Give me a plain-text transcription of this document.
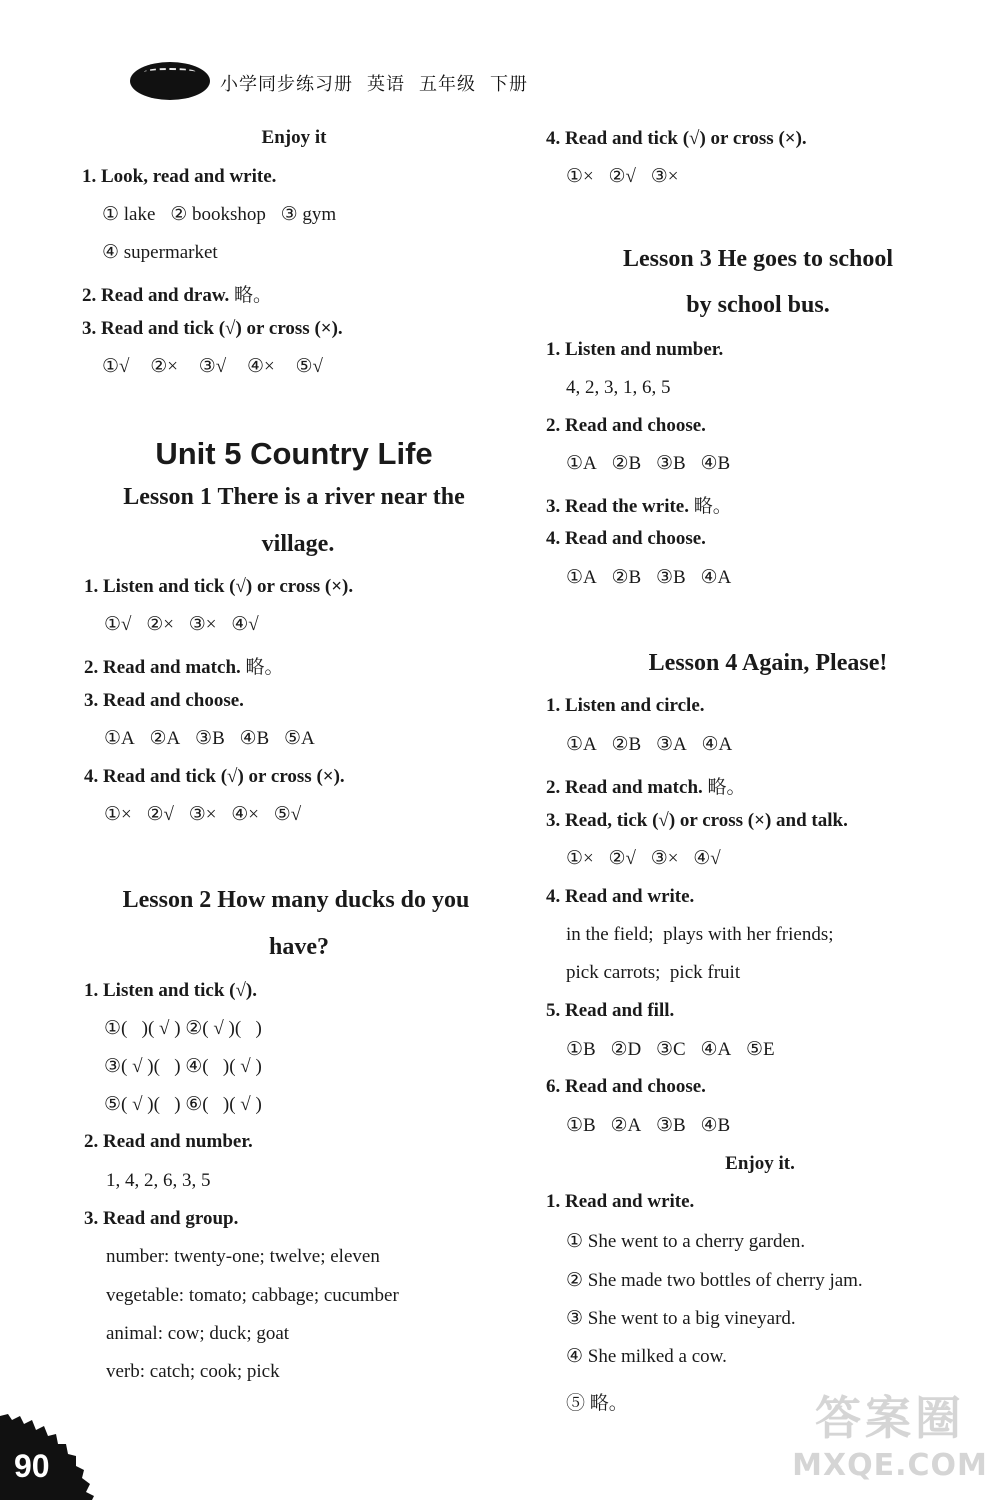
小学同步练习册 英语 五年级 下册
Enjoy it
1. Look, read and write.
① lake ② bookshop ③ gym
④ supermarket
2. Read and draw. 略。
3. Read and tick (√) or cross (×).
①√ ②× ③√ ④× ⑤√
Unit 5 Country Life
Lesson 1 There is a river near the
village.
1. Listen and tick (√) or cross (×).
①√ ②× ③× ④√
2. Read and match. 略。
3. Read and choose.
①A ②A ③B ④B ⑤A
4. Read and tick (√) or cross (×).
①× ②√ ③× ④× ⑤√
Lesson 2 How many ducks do you
have?
1. Listen and tick (√).
①(   )( √ ) ②( √ )(   )
③( √ )(   ) ④(   )( √ )
⑤( √ )(   ) ⑥(   )( √ )
2. Read and number.
1, 4, 2, 6, 3, 5
3. Read and group.
number: twenty-one; twelve; eleven
vegetable: tomato; cabbage; cucumber
animal: cow; duck; goat
verb: catch; cook; pick
4. Read and tick (√) or cross (×).
①× ②√ ③×
Lesson 3 He goes to school
by school bus.
1. Listen and number.
4, 2, 3, 1, 6, 5
2. Read and choose.
①A ②B ③B ④B
3. Read the write. 略。
4. Read and choose.
①A ②B ③B ④A
Lesson 4 Again, Please!
1. Listen and circle.
①A ②B ③A ④A
2. Read and match. 略。
3. Read, tick (√) or cross (×) and talk.
①× ②√ ③× ④√
4. Read and write.
in the field;  plays with her friends;
pick carrots;  pick fruit
5. Read and fill.
①B ②D ③C ④A ⑤E
6. Read and choose.
①B ②A ③B ④B
Enjoy it.
1. Read and write.
① She went to a cherry garden.
② She made two bottles of cherry jam.
③ She went to a big vineyard.
④ She milked a cow.
⑤ 略。
90
答案圈
MXQE.COM
